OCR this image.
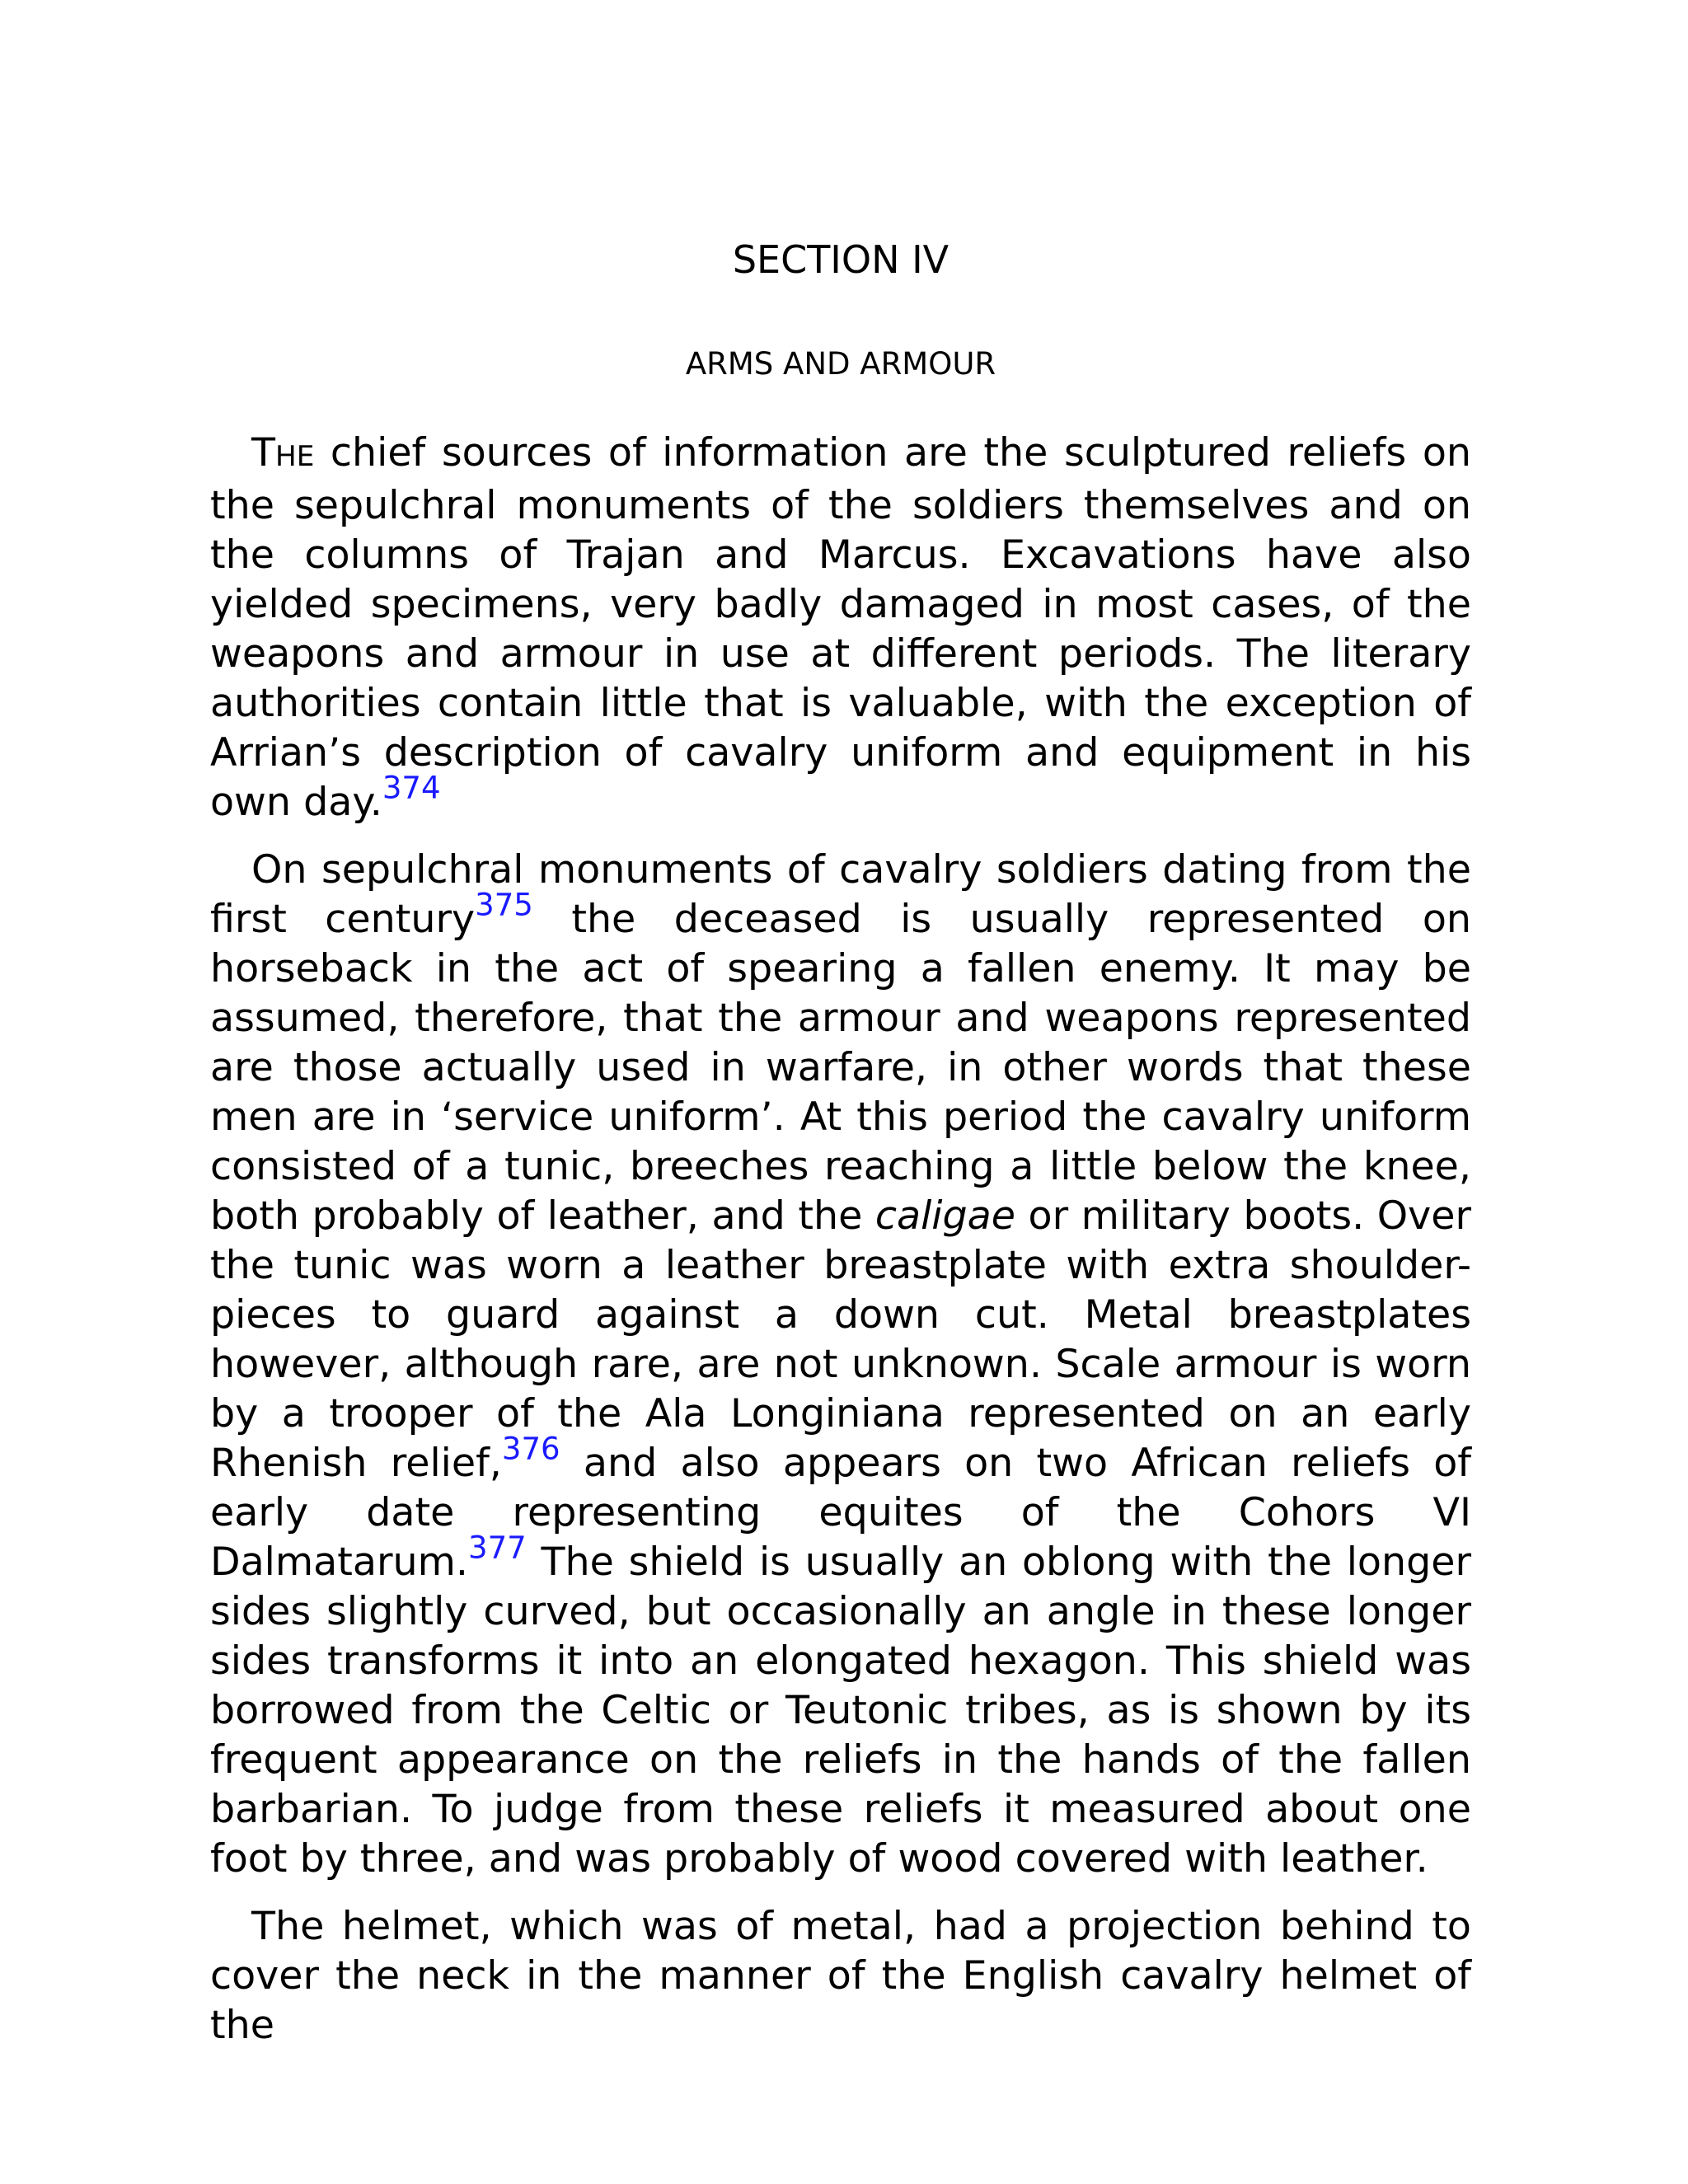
SECTION IV
ARMS AND ARMOUR

THE chief sources of information are the sculptured reliefs on the sepulchral monuments of the soldiers themselves and on the columns of Trajan and Marcus. Excavations have also yielded specimens, very badly damaged in most cases, of the weapons and armour in use at different periods. The literary authorities contain little that is valuable, with the exception of Arrian’s description of cavalry uniform and equipment in his own day.$^{374}$

On sepulchral monuments of cavalry soldiers dating from the first century$^{375}$ the deceased is usually represented on horseback in the act of spearing a fallen enemy. It may be assumed, therefore, that the armour and weapons represented are those actually used in warfare, in other words that these men are in ‘service uniform’. At this period the cavalry uniform consisted of a tunic, breeches reaching a little below the knee, both probably of leather, and the caligae or military boots. Over the tunic was worn a leather breastplate with extra shoulder-pieces to guard against a down cut. Metal breastplates however, although rare, are not unknown. Scale armour is worn by a trooper of the Ala Longiniana represented on an early Rhenish relief,$^{376}$ and also appears on two African reliefs of early date representing equites of the Cohors VI Dalmatarum.$^{377}$ The shield is usually an oblong with the longer sides slightly curved, but occasionally an angle in these longer sides transforms it into an elongated hexagon. This shield was borrowed from the Celtic or Teutonic tribes, as is shown by its frequent appearance on the reliefs in the hands of the fallen barbarian. To judge from these reliefs it measured about one foot by three, and was probably of wood covered with leather.

The helmet, which was of metal, had a projection behind to cover the neck in the manner of the English cavalry helmet of the
